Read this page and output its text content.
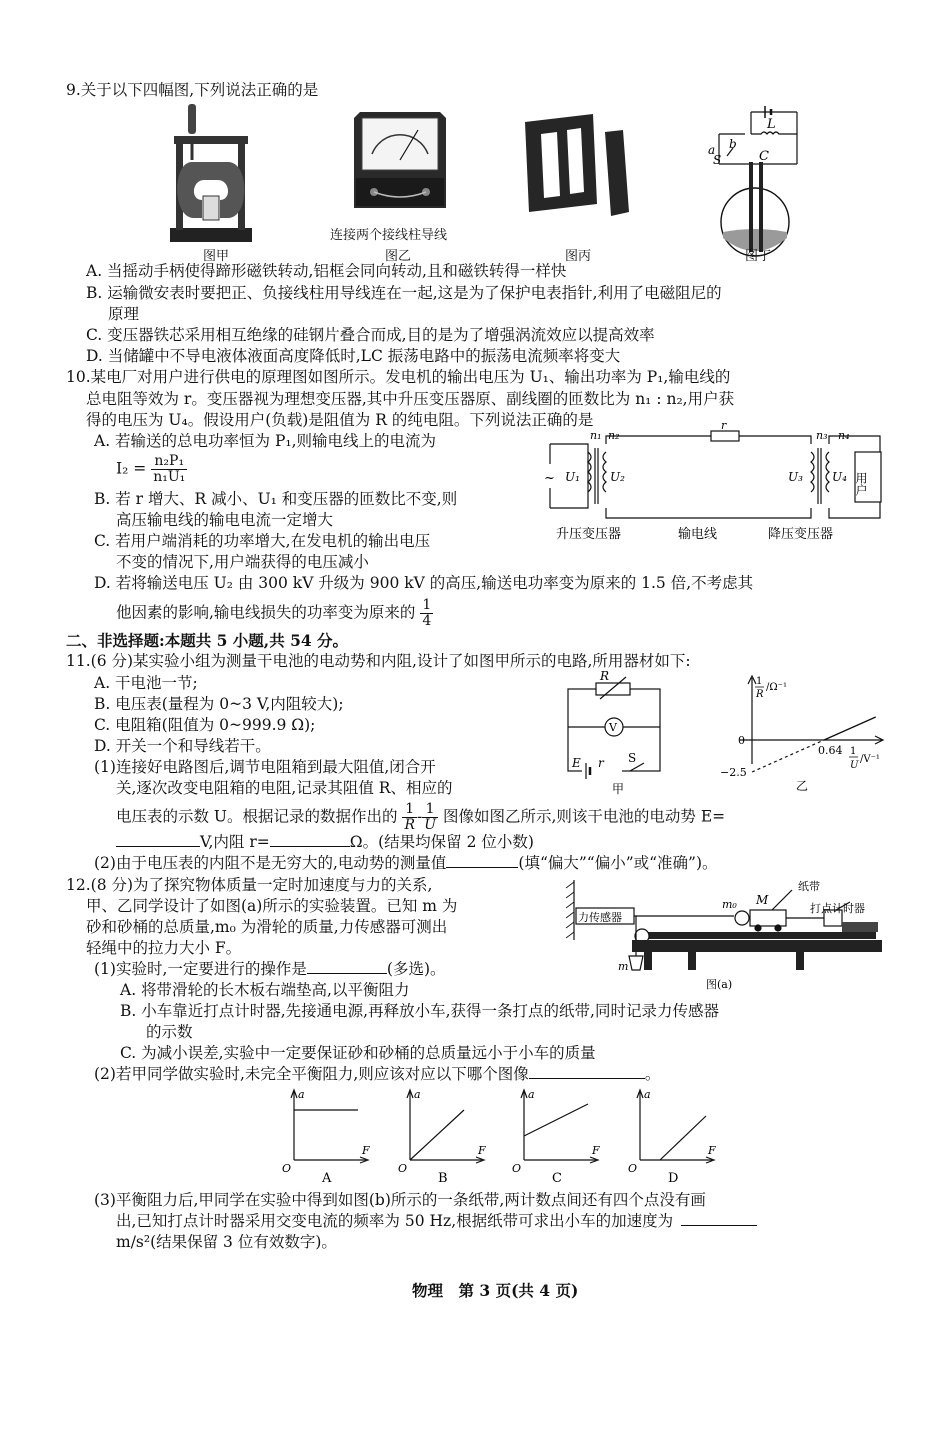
9.关于以下四幅图,下列说法正确的是
图甲
连接两个接线柱导线
图乙	图丙
a b
S
L
C
图丁
A. 当摇动手柄使得蹄形磁铁转动,铝框会同向转动,且和磁铁转得一样快
B. 运输微安表时要把正、负接线柱用导线连在一起,这是为了保护电表指针,利用了电磁阻尼的
原理
C. 变压器铁芯采用相互绝缘的硅钢片叠合而成,目的是为了增强涡流效应以提高效率
D. 当储罐中不导电液体液面高度降低时,LC 振荡电路中的振荡电流频率将变大
10.某电厂对用户进行供电的原理图如图所示。发电机的输出电压为 U₁、输出功率为 P₁,输电线的
总电阻等效为 r。变压器视为理想变压器,其中升压变压器原、副线圈的匝数比为 n₁ : n₂,用户获
得的电压为 U₄。假设用户(负载)是阻值为 R 的纯电阻。下列说法正确的是
A. 若输送的总电功率恒为 P₁,则输电线上的电流为
$I_2 = \frac{\text{n₂P₁}}{\text{n₁U₁}}$
B. 若 r 增大、R 减小、U₁ 和变压器的匝数比不变,则
高压输电线的输电电流一定增大
C. 若用户端消耗的功率增大,在发电机的输出电压
不变的情况下,用户端获得的电压减小
D. 若将输送电压 U₂ 由 300 kV 升级为 900 kV 的高压,输送电功率变为原来的 1.5 倍,不考虑其
他因素的影响,输电线损失的功率变为原来的 $\frac{1}{4}$
~
n₁ n₂
r
n₃ n₄
U₁	U₂	U₃ U₄ 用户
升压变压器	输电线	降压变压器
二、非选择题:本题共 5 小题,共 54 分。
11.(6 分)某实验小组为测量干电池的电动势和内阻,设计了如图甲所示的电路,所用器材如下:
A. 干电池一节;
B. 电压表(量程为 0~3 V,内阻较大);
C. 电阻箱(阻值为 0~999.9 Ω);
D. 开关一个和导线若干。
(1)连接好电路图后,调节电阻箱到最大阻值,闭合开
关,逐次改变电阻箱的电阻,记录其阻值 R、相应的
电压表的示数 U。根据记录的数据作出的 $\frac{1}{R} - \frac{1}{U}$ 图像如图乙所示,则该干电池的电动势 E=
V,内阻 r=	Ω。(结果均保留 2 位小数)
(2)由于电压表的内阻不是无穷大的,电动势的测量值	(填“偏大”“偏小”或“准确”)。
V
R
E r S
甲
1
R
/Ω⁻¹
1
U
/V⁻¹
0
0.64
−2.5
乙
12.(8 分)为了探究物体质量一定时加速度与力的关系,
甲、乙同学设计了如图(a)所示的实验装置。已知 m 为
砂和砂桶的总质量,m₀ 为滑轮的质量,力传感器可测出
轻绳中的拉力大小 F。
(1)实验时,一定要进行的操作是	(多选)。
A. 将带滑轮的长木板右端垫高,以平衡阻力
B. 小车靠近打点计时器,先接通电源,再释放小车,获得一条打点的纸带,同时记录力传感器
的示数
C. 为减小误差,实验中一定要保证砂和砂桶的总质量远小于小车的质量
(2)若甲同学做实验时,未完全平衡阻力,则应该对应以下哪个图像	。
力传感器
纸带
打点计时器
m₀ M
m
图(a)
a
F
O
A
a
F
O
B
a
F
O
C
a
F
O
D
(3)平衡阻力后,甲同学在实验中得到如图(b)所示的一条纸带,两计数点间还有四个点没有画
出,已知打点计时器采用交变电流的频率为 50 Hz,根据纸带可求出小车的加速度为
m/s²(结果保留 3 位有效数字)。
物理　第 3 页(共 4 页)
